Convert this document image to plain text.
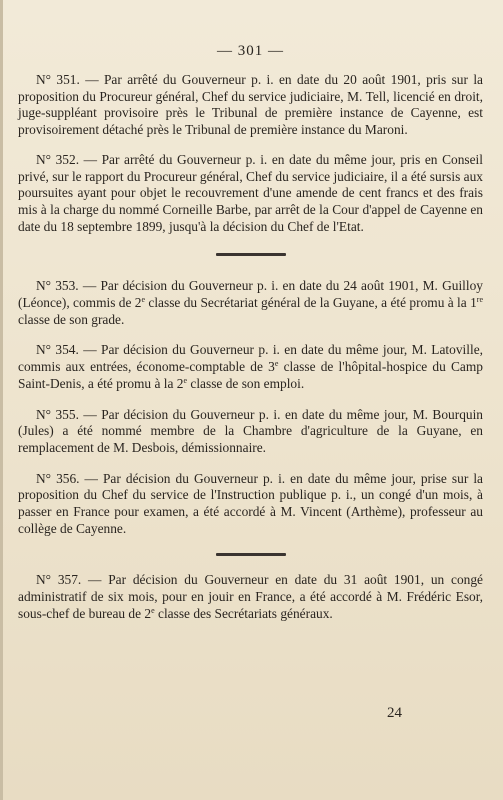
— 301 —

N° 351. — Par arrêté du Gouverneur p. i. en date du 20 août 1901, pris sur la proposition du Procureur général, Chef du service judiciaire, M. Tell, licencié en droit, juge-suppléant provisoire près le Tribunal de première instance de Cayenne, est provisoirement détaché près le Tribunal de première instance du Maroni.

N° 352. — Par arrêté du Gouverneur p. i. en date du même jour, pris en Conseil privé, sur le rapport du Procureur général, Chef du service judiciaire, il a été sursis aux poursuites ayant pour objet le recouvrement d'une amende de cent francs et des frais mis à la charge du nommé Corneille Barbe, par arrêt de la Cour d'appel de Cayenne en date du 18 septembre 1899, jusqu'à la décision du Chef de l'Etat.

N° 353. — Par décision du Gouverneur p. i. en date du 24 août 1901, M. Guilloy (Léonce), commis de 2e classe du Secrétariat général de la Guyane, a été promu à la 1re classe de son grade.

N° 354. — Par décision du Gouverneur p. i. en date du même jour, M. Latoville, commis aux entrées, économe-comptable de 3e classe de l'hôpital-hospice du Camp Saint-Denis, a été promu à la 2e classe de son emploi.

N° 355. — Par décision du Gouverneur p. i. en date du même jour, M. Bourquin (Jules) a été nommé membre de la Chambre d'agriculture de la Guyane, en remplacement de M. Desbois, démissionnaire.

N° 356. — Par décision du Gouverneur p. i. en date du même jour, prise sur la proposition du Chef du service de l'Instruction publique p. i., un congé d'un mois, à passer en France pour examen, a été accordé à M. Vincent (Arthème), professeur au collège de Cayenne.

N° 357. — Par décision du Gouverneur en date du 31 août 1901, un congé administratif de six mois, pour en jouir en France, a été accordé à M. Frédéric Esor, sous-chef de bureau de 2e classe des Secrétariats généraux.

24
